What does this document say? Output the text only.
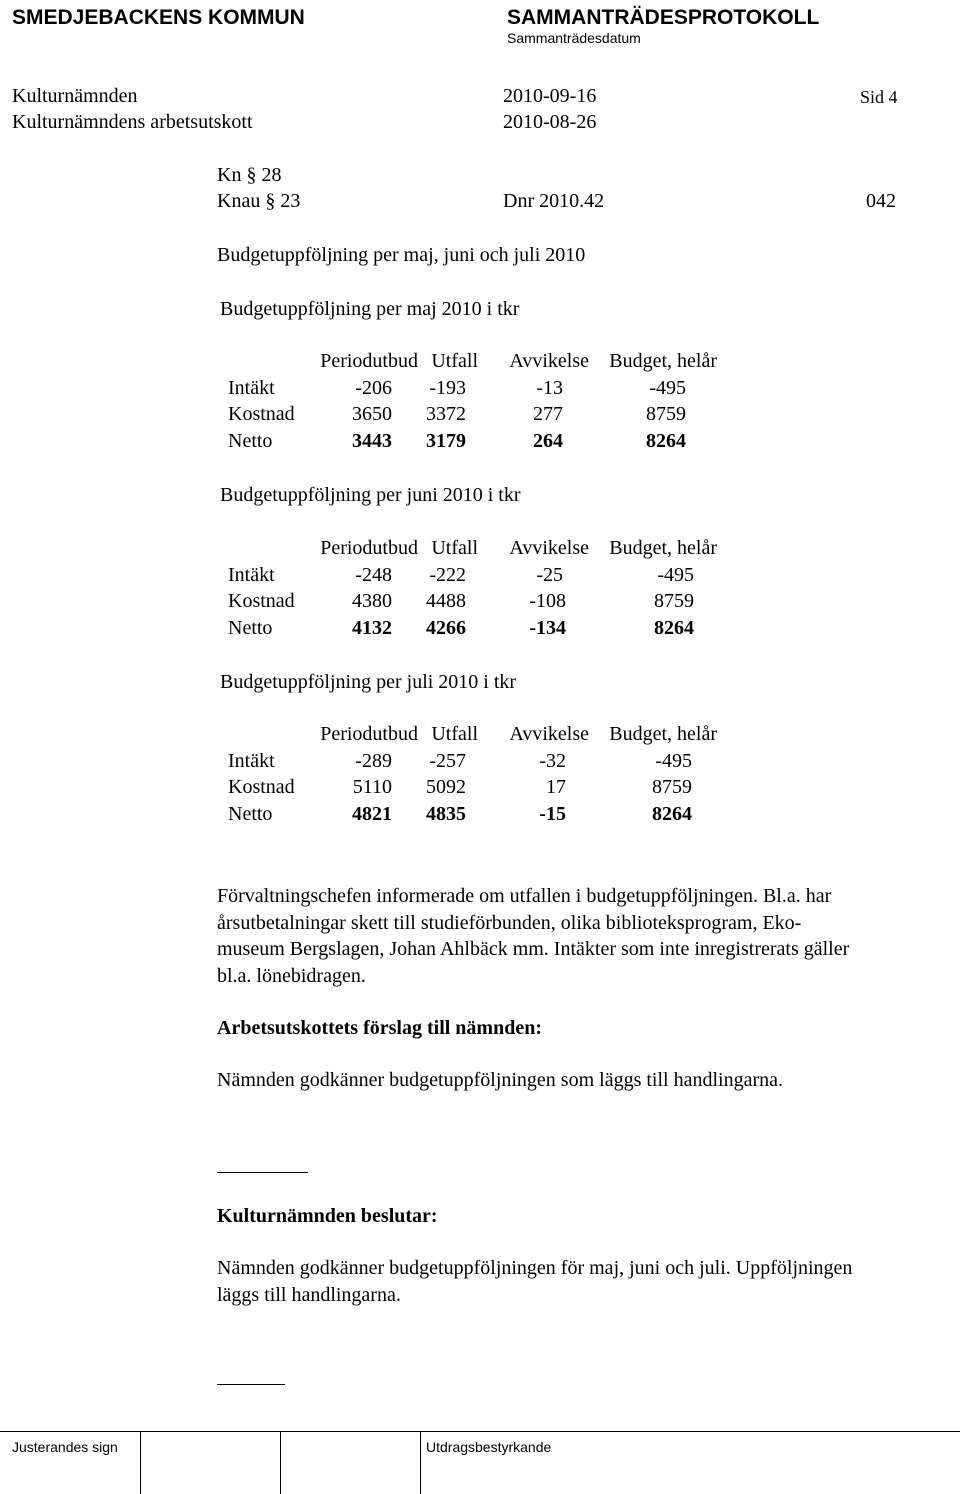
SMEDJEBACKENS KOMMUN	SAMMANTRÄDESPROTOKOLL
Sammanträdesdatum
Kulturnämnden	2010-09-16	Sid 4
Kulturnämndens arbetsutskott	2010-08-26
Kn § 28
Knau § 23	Dnr 2010.42	042
Budgetuppföljning per maj, juni och juli 2010
Budgetuppföljning per maj 2010 i tkr
	Periodutbud	Utfall	Avvikelse	Budget, helår
Intäkt	-206	-193	-13	-495
Kostnad	3650	3372	277	8759
Netto	3443	3179	264	8264
Budgetuppföljning per juni 2010 i tkr
	Periodutbud	Utfall	Avvikelse	Budget, helår
Intäkt	-248	-222	-25	-495
Kostnad	4380	4488	-108	8759
Netto	4132	4266	-134	8264
Budgetuppföljning per juli 2010 i tkr
	Periodutbud	Utfall	Avvikelse	Budget, helår
Intäkt	-289	-257	-32	-495
Kostnad	5110	5092	17	8759
Netto	4821	4835	-15	8264
Förvaltningschefen informerade om utfallen i budgetuppföljningen. Bl.a. har
årsutbetalningar skett till studieförbunden, olika biblioteksprogram, Eko-
museum Bergslagen, Johan Ahlbäck mm. Intäkter som inte inregistrerats gäller
bl.a. lönebidragen.
Arbetsutskottets förslag till nämnden:
Nämnden godkänner budgetuppföljningen som läggs till handlingarna.
Kulturnämnden beslutar:
Nämnden godkänner budgetuppföljningen för maj, juni och juli. Uppföljningen
läggs till handlingarna.
Justerandes sign	Utdragsbestyrkande
